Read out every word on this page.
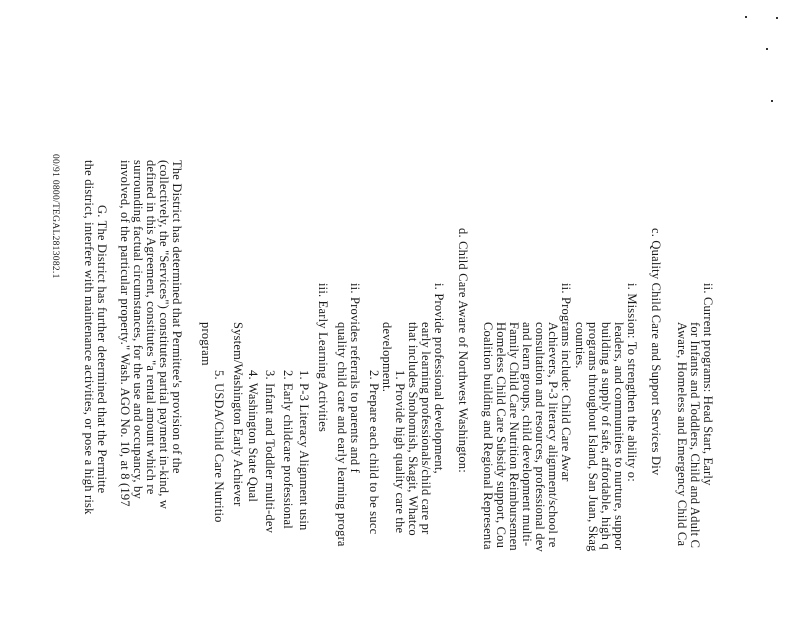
ii. Current programs: Head Start, Early
for Infants and Toddlers, Child and Adult C
Aware, Homeless and Emergency Child Ca
c. Quality Child Care and Support Services Div
i. Mission: To strengthen the ability o:
leaders, and communities to nurture, suppor
building a supply of safe, affordable, high q
programs throughout Island, San Juan, Skag
counties.
ii. Programs include: Child Care Awar
Achievers, P-3 literacy alignment/school re
consultation and resources, professional dev
and learn groups, child development multi-
Family Child Care Nutrition Reimbursemen
Homeless Child Care Subsidy support, Cou
Coalition building and Regional Representa
d. Child Care Aware of Northwest Washington:
i. Provide professional development,
early learning professionals/child care pr
that includes Snohomish, Skagit, Whatco
1. Provide high quality care the
development.
2. Prepare each child to be succ
ii. Provides referrals to parents and f
quality child care and early learning progra
iii. Early Learning Activities
1. P-3 Literacy Alignment usin
2. Early childcare professional
3. Infant and Toddler multi-dev
4. Washington State Qual
System/Washington Early Achiever
5. USDA/Child Care Nutritio
program
The District has determined that Permittee's provision of the
(collectively, the "Services") constitutes partial payment in-kind, w
defined in this Agreement, constitutes "a rental amount which re
surrounding factual circumstances, for the use and occupancy, by
involved, of the particular property." Wash. AGO No. 10, at 8 (197
G. The District has further determined that the Permitte
the district, interfere with maintenance activities, or pose a high risk
00/91 0800/TEGAL2813082.1
